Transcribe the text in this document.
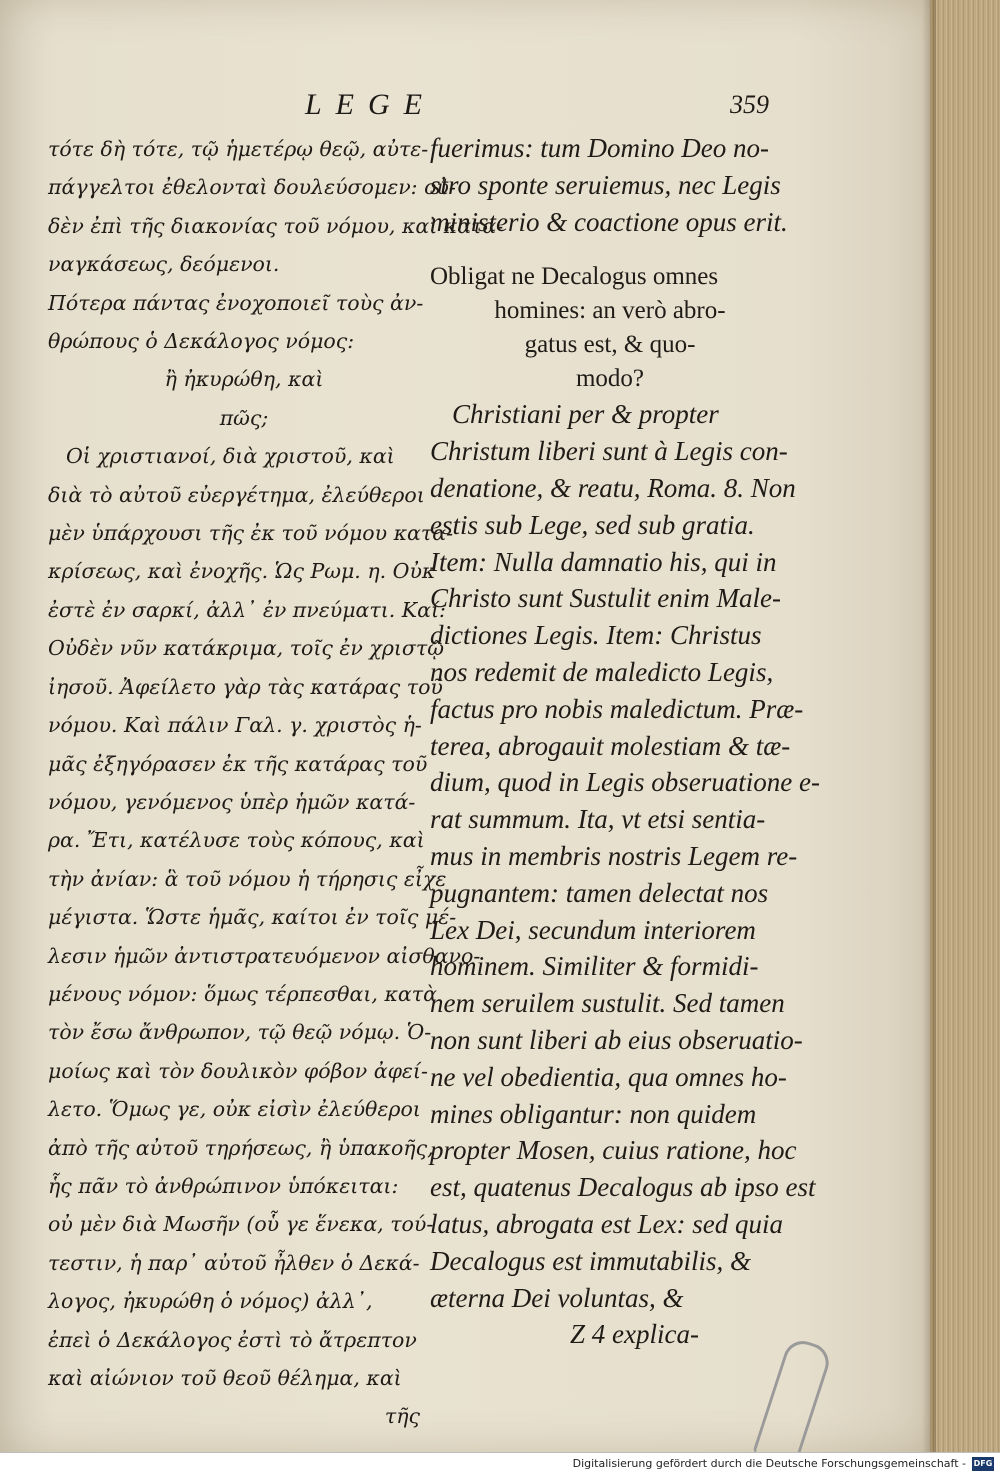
LEGE	359
τότε δὴ τότε, τῷ ἡμετέρῳ θεῷ, αὐτε-
πάγγελτοι ἐθελονταὶ δουλεύσομεν: οὐ-
δὲν ἐπὶ τῆς διακονίας τοῦ νόμου, καὶ κατα-
ναγκάσεως, δεόμενοι.
Πότερα πάντας ἐνοχοποιεῖ τοὺς ἀν-
θρώπους ὁ Δεκάλογος νόμος:
ἢ ἠκυρώθη, καὶ
πῶς;
Οἱ χριστιανοί, διὰ χριστοῦ, καὶ
διὰ τὸ αὐτοῦ εὐεργέτημα, ἐλεύθεροι
μὲν ὑπάρχουσι τῆς ἐκ τοῦ νόμου κατα-
κρίσεως, καὶ ἐνοχῆς. Ὡς Ρωμ. η. Οὐκ
ἐστὲ ἐν σαρκί, ἀλλ᾽ ἐν πνεύματι. Καί:
Οὐδὲν νῦν κατάκριμα, τοῖς ἐν χριστῷ
ἰησοῦ. Ἀφείλετο γὰρ τὰς κατάρας τοῦ
νόμου. Καὶ πάλιν Γαλ. γ. χριστὸς ἡ-
μᾶς ἐξηγόρασεν ἐκ τῆς κατάρας τοῦ
νόμου, γενόμενος ὑπὲρ ἡμῶν κατά-
ρα. Ἔτι, κατέλυσε τοὺς κόπους, καὶ
τὴν ἀνίαν: ἃ τοῦ νόμου ἡ τήρησις εἶχε
μέγιστα. Ὥστε ἡμᾶς, καίτοι ἐν τοῖς μέ-
λεσιν ἡμῶν ἀντιστρατευόμενον αἰσθανο-
μένους νόμον: ὅμως τέρπεσθαι, κατὰ
τὸν ἔσω ἄνθρωπον, τῷ θεῷ νόμῳ. Ὁ-
μοίως καὶ τὸν δουλικὸν φόβον ἀφεί-
λετο. Ὅμως γε, οὐκ εἰσὶν ἐλεύθεροι
ἀπὸ τῆς αὐτοῦ τηρήσεως, ἢ ὑπακοῆς,
ἧς πᾶν τὸ ἀνθρώπινον ὑπόκειται:
οὐ μὲν διὰ Μωσῆν (οὗ γε ἕνεκα, τού-
τεστιν, ἡ παρ᾽ αὐτοῦ ἦλθεν ὁ Δεκά-
λογος, ἠκυρώθη ὁ νόμος) ἀλλ᾽,
ἐπεὶ ὁ Δεκάλογος ἐστὶ τὸ ἄτρεπτον
καὶ αἰώνιον τοῦ θεοῦ θέλημα, καὶ
τῆς
fuerimus: tum Domino Deo no-
stro sponte seruiemus, nec Legis
ministerio & coactione opus erit.
Obligat ne Decalogus omnes
homines: an verò abro-
gatus est, & quo-
modo?
Christiani per & propter
Christum liberi sunt à Legis con-
denatione, & reatu, Roma. 8. Non
estis sub Lege, sed sub gratia.
Item: Nulla damnatio his, qui in
Christo sunt Sustulit enim Male-
dictiones Legis. Item: Christus
nos redemit de maledicto Legis,
factus pro nobis maledictum. Præ-
terea, abrogauit molestiam & tæ-
dium, quod in Legis obseruatione e-
rat summum. Ita, vt etsi sentia-
mus in membris nostris Legem re-
pugnantem: tamen delectat nos
Lex Dei, secundum interiorem
hominem. Similiter & formidi-
nem seruilem sustulit. Sed tamen
non sunt liberi ab eius obseruatio-
ne vel obedientia, qua omnes ho-
mines obligantur: non quidem
propter Mosen, cuius ratione, hoc
est, quatenus Decalogus ab ipso est
latus, abrogata est Lex: sed quia
Decalogus est immutabilis, &
æterna Dei voluntas, &
Z 4 explica-
Digitalisierung gefördert durch die Deutsche Forschungsgemeinschaft - DFG
